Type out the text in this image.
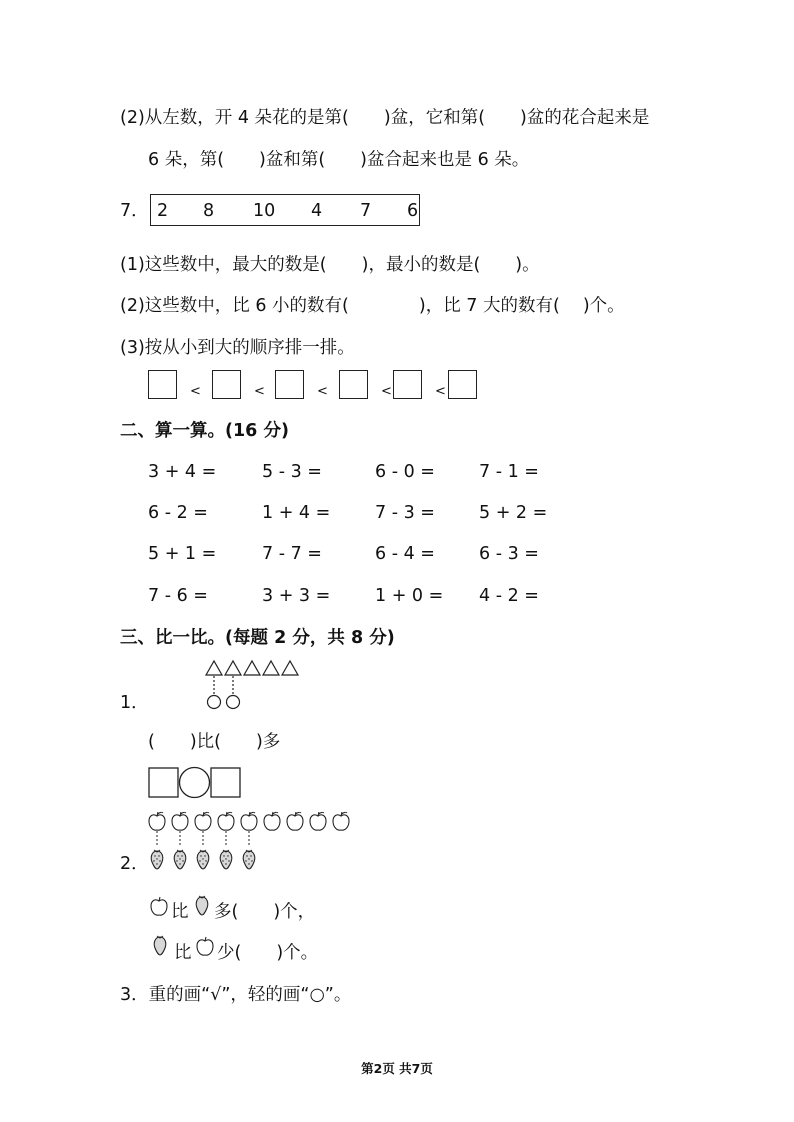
(2)从左数，开 4 朵花的是第(　　)盆，它和第(　　)盆的花合起来是
6 朵，第(　　)盆和第(　　)盆合起来也是 6 朵。
7． 2 8 10 4 7 6
(1)这些数中，最大的数是(　　)，最小的数是(　　)。
(2)这些数中，比 6 小的数有(　　　　)，比 7 大的数有(　 )个。
(3)按从小到大的顺序排一排。
<	<	<	<	<
二、算一算。(16 分)
3 + 4 =	5 - 3 =	6 - 0 =	7 - 1 =
6 - 2 =	1 + 4 =	7 - 3 =	5 + 2 =
5 + 1 =	7 - 7 =	6 - 4 =	6 - 3 =
7 - 6 =	3 + 3 =	1 + 0 = 4 - 2 =
三、比一比。(每题 2 分，共 8 分)
1．
(　　)比(　　)多
2．
比 多(　　)个，
比 少(　　)个。
3．重的画“√”，轻的画“○”。
第2页 共7页
